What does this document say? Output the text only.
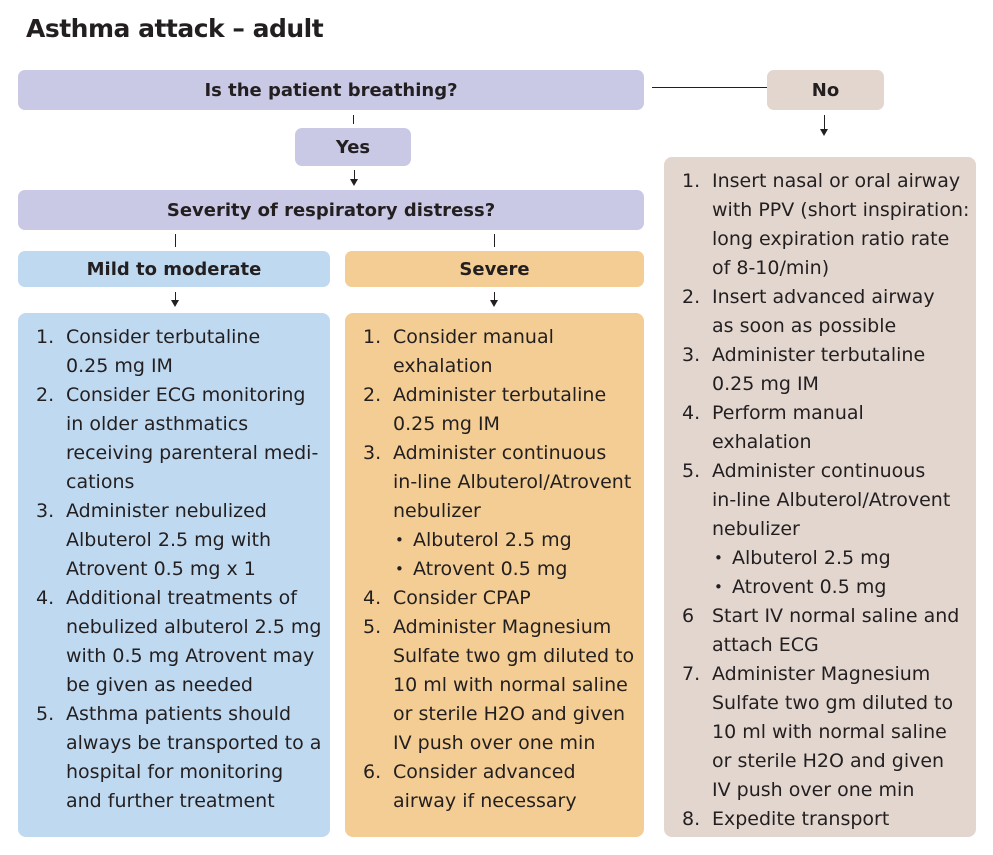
Asthma attack – adult
Is the patient breathing?	No
Yes
Severity of respiratory distress?
Mild to moderate	Severe
1. Consider terbutaline
0.25 mg IM
2. Consider ECG monitoring
in older asthmatics
receiving parenteral medi-
cations
3. Administer nebulized
Albuterol 2.5 mg with
Atrovent 0.5 mg x 1
4. Additional treatments of
nebulized albuterol 2.5 mg
with 0.5 mg Atrovent may
be given as needed
5. Asthma patients should
always be transported to a
hospital for monitoring
and further treatment
1. Consider manual
exhalation
2. Administer terbutaline
0.25 mg IM
3. Administer continuous
in-line Albuterol/Atrovent
nebulizer
• Albuterol 2.5 mg
• Atrovent 0.5 mg
4. Consider CPAP
5. Administer Magnesium
Sulfate two gm diluted to
10 ml with normal saline
or sterile H2O and given
IV push over one min
6. Consider advanced
airway if necessary
1. Insert nasal or oral airway
with PPV (short inspiration:
long expiration ratio rate
of 8-10/min)
2. Insert advanced airway
as soon as possible
3. Administer terbutaline
0.25 mg IM
4. Perform manual
exhalation
5. Administer continuous
in-line Albuterol/Atrovent
nebulizer
• Albuterol 2.5 mg
• Atrovent 0.5 mg
6 Start IV normal saline and
attach ECG
7. Administer Magnesium
Sulfate two gm diluted to
10 ml with normal saline
or sterile H2O and given
IV push over one min
8. Expedite transport
